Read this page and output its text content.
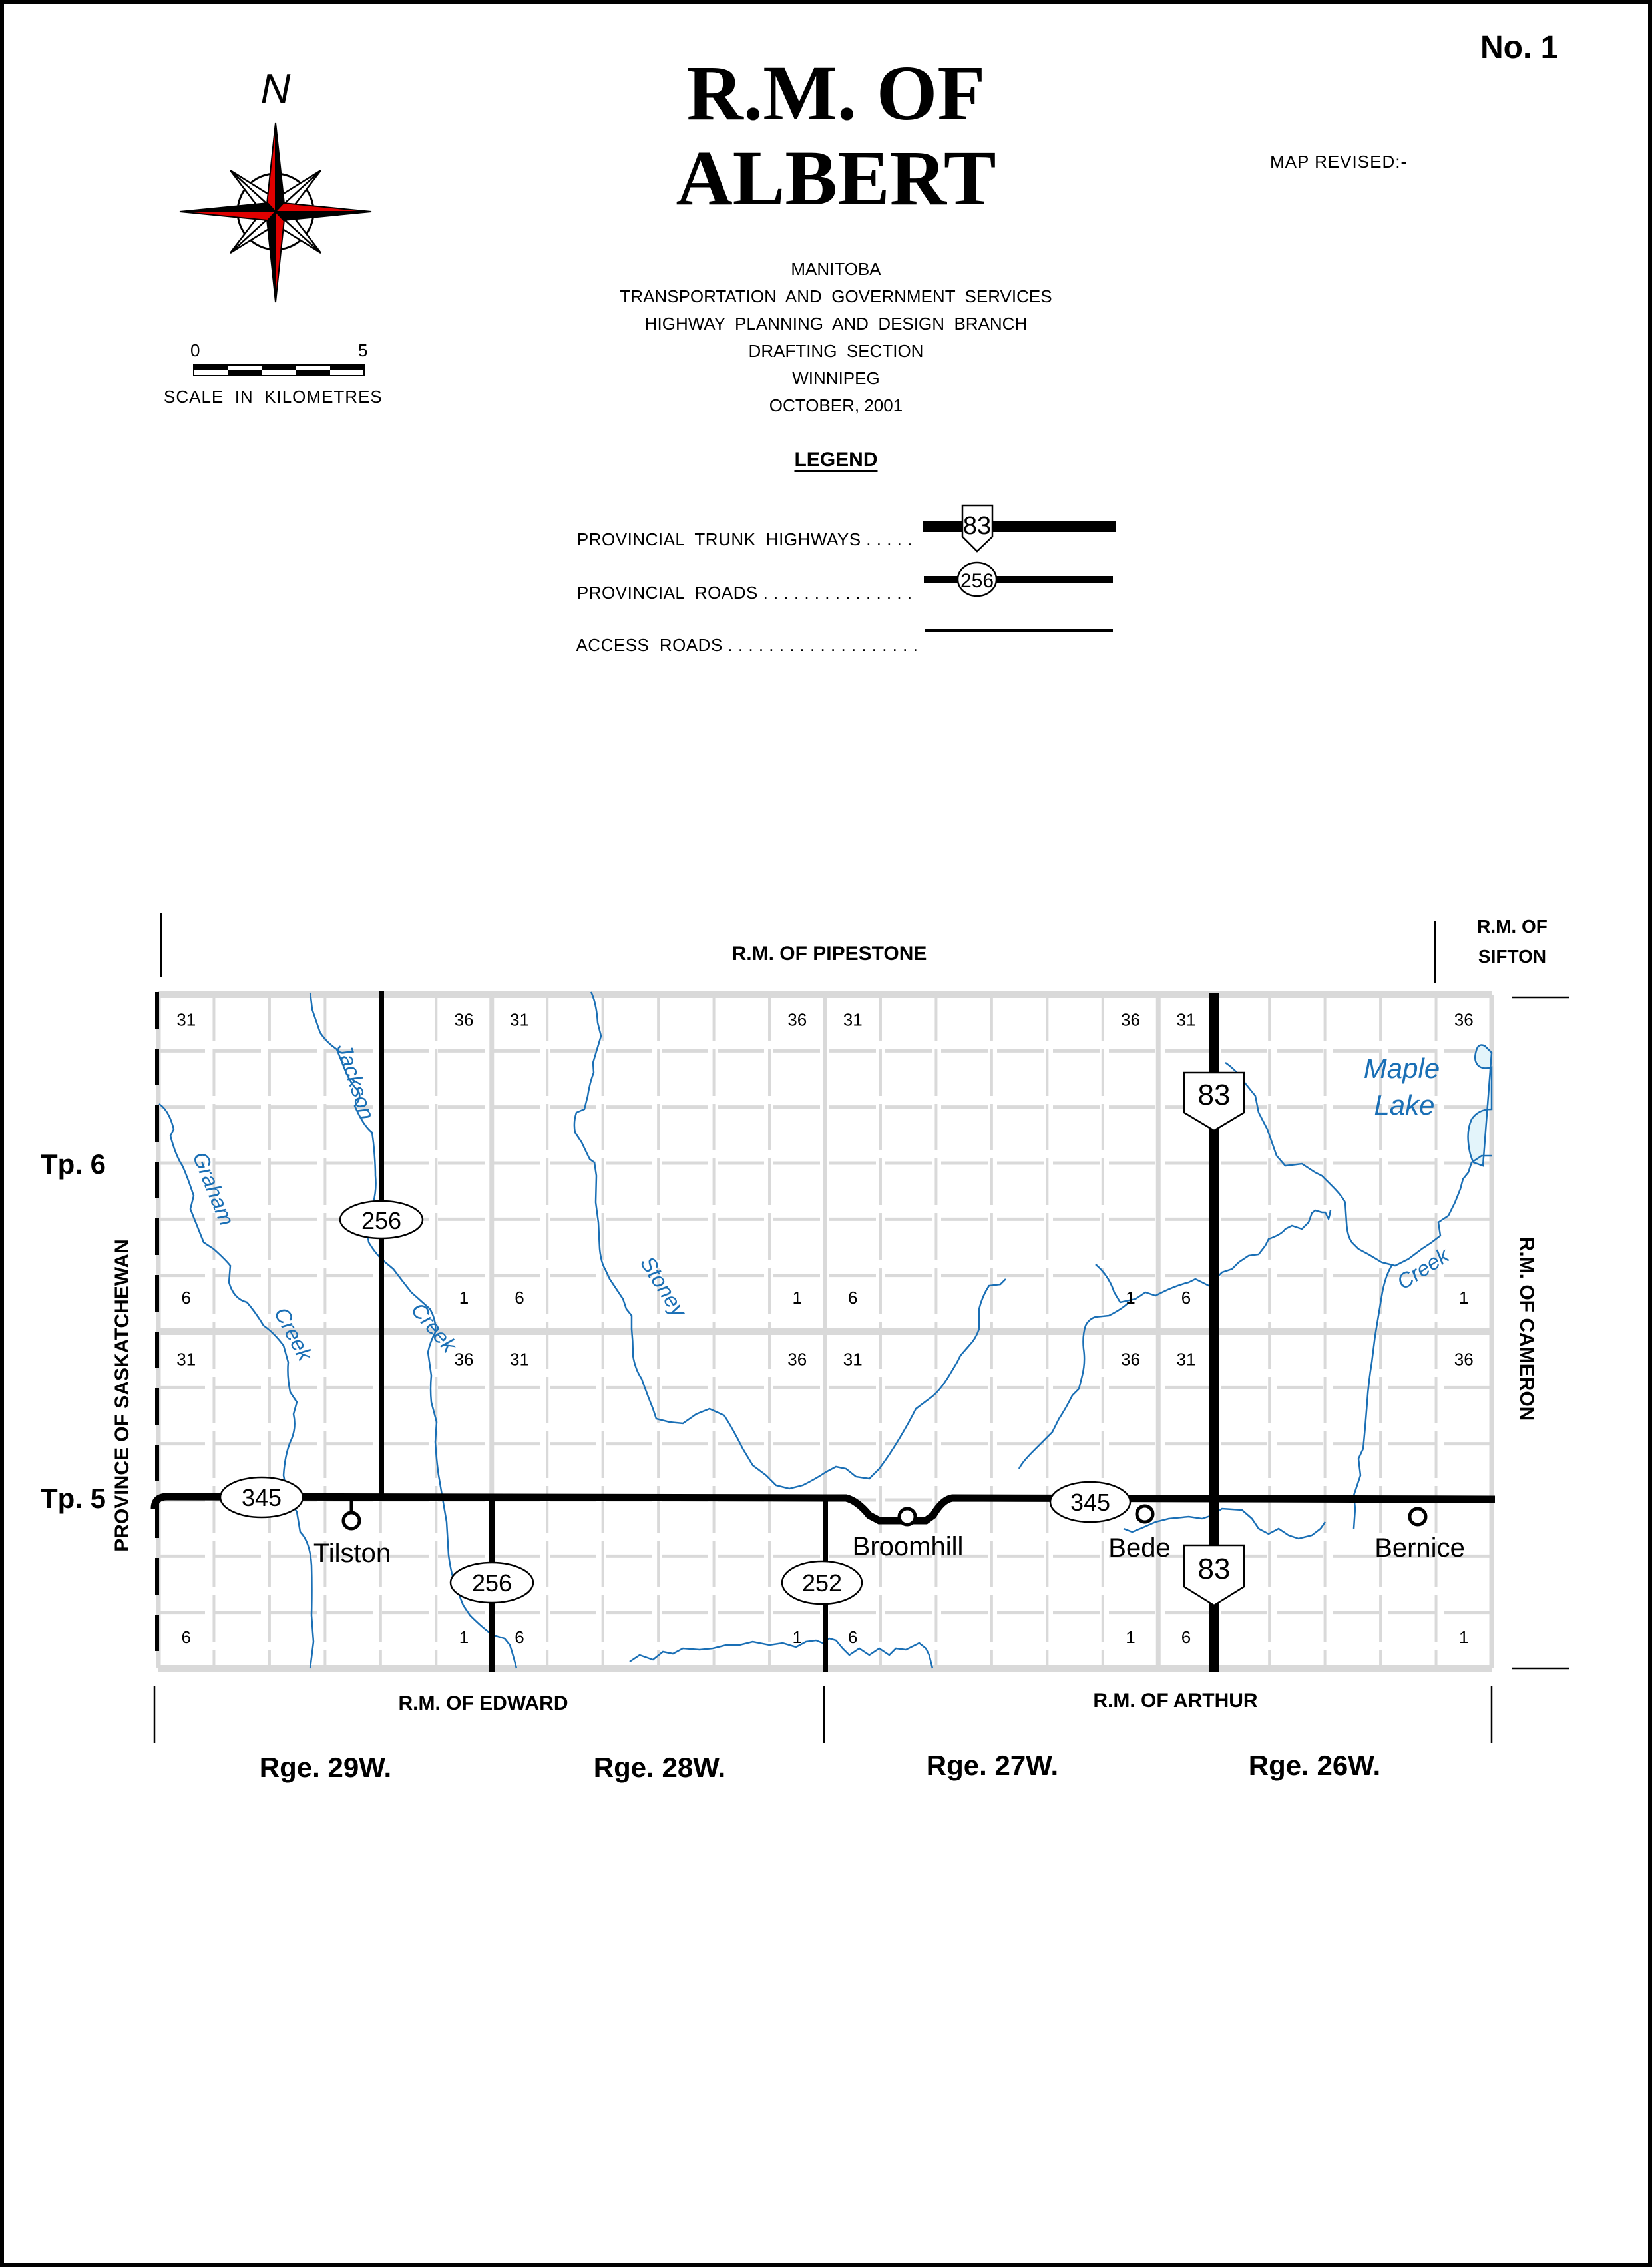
No. 1
R.M. OF
ALBERT	MAP REVISED:-
MANITOBA
TRANSPORTATION  AND  GOVERNMENT  SERVICES
HIGHWAY  PLANNING  AND  DESIGN  BRANCH
DRAFTING  SECTION
WINNIPEG
OCTOBER, 2001
N
0	5
SCALE  IN  KILOMETRES
LEGEND

PROVINCIAL  TRUNK  HIGHWAYS . . . . .

PROVINCIAL  ROADS . . . . . . . . . . . . . . .

ACCESS  ROADS . . . . . . . . . . . . . . . . . . .

83
256
83
83
345	345
256
256	252
Tilston	Broomhill	Bede	Bernice
Jackson
Graham
Creek	Creek
Stoney	Creek
Maple
Lake
31	36 31	36 31	36 31	36
6	1	6	1	6	1	6	1
31	36 31	36 31	36 31	36
6	1	6	1	6	1	6	1
R.M. OF PIPESTONE
R.M. OF
SIFTON
R.M. OF CAMERON
PROVINCE OF SASKATCHEWAN
R.M. OF EDWARD	R.M. OF ARTHUR
Tp. 6
Tp. 5
Rge. 29W.	Rge. 28W.	Rge. 27W.	Rge. 26W.
